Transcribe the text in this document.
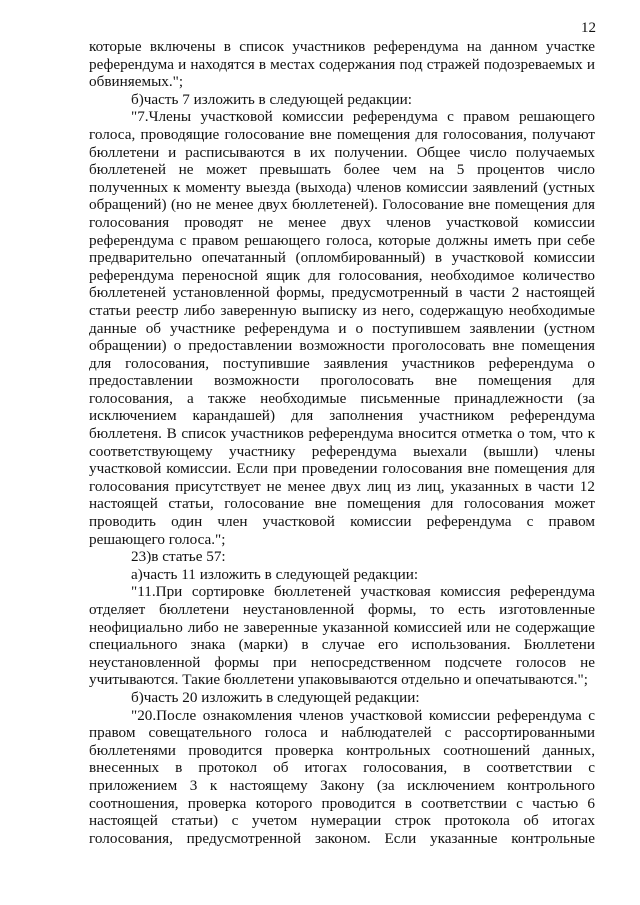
12
которые включены в список участников референдума на данном участке
референдума и находятся в местах содержания под стражей подозреваемых и
обвиняемых.";
б)часть 7 изложить в следующей редакции:
"7.Члены участковой комиссии референдума с правом решающего
голоса, проводящие голосование вне помещения для голосования, получают
бюллетени и расписываются в их получении. Общее число получаемых
бюллетеней не может превышать более чем на 5 процентов число
полученных к моменту выезда (выхода) членов комиссии заявлений (устных
обращений) (но не менее двух бюллетеней). Голосование вне помещения для
голосования проводят не менее двух членов участковой комиссии
референдума с правом решающего голоса, которые должны иметь при себе
предварительно опечатанный (опломбированный) в участковой комиссии
референдума переносной ящик для голосования, необходимое количество
бюллетеней установленной формы, предусмотренный в части 2 настоящей
статьи реестр либо заверенную выписку из него, содержащую необходимые
данные об участнике референдума и о поступившем заявлении (устном
обращении) о предоставлении возможности проголосовать вне помещения
для голосования, поступившие заявления участников референдума о
предоставлении возможности проголосовать вне помещения для
голосования, а также необходимые письменные принадлежности (за
исключением карандашей) для заполнения участником референдума
бюллетеня. В список участников референдума вносится отметка о том, что к
соответствующему участнику референдума выехали (вышли) члены
участковой комиссии. Если при проведении голосования вне помещения для
голосования присутствует не менее двух лиц из лиц, указанных в части 12
настоящей статьи, голосование вне помещения для голосования может
проводить один член участковой комиссии референдума с правом
решающего голоса.";
23)в статье 57:
а)часть 11 изложить в следующей редакции:
"11.При сортировке бюллетеней участковая комиссия референдума
отделяет бюллетени неустановленной формы, то есть изготовленные
неофициально либо не заверенные указанной комиссией или не содержащие
специального знака (марки) в случае его использования. Бюллетени
неустановленной формы при непосредственном подсчете голосов не
учитываются. Такие бюллетени упаковываются отдельно и опечатываются.";
б)часть 20 изложить в следующей редакции:
"20.После ознакомления членов участковой комиссии референдума с
правом совещательного голоса и наблюдателей с рассортированными
бюллетенями проводится проверка контрольных соотношений данных,
внесенных в протокол об итогах голосования, в соответствии с
приложением 3 к настоящему Закону (за исключением контрольного
соотношения, проверка которого проводится в соответствии с частью 6
настоящей статьи) с учетом нумерации строк протокола об итогах
голосования, предусмотренной законом. Если указанные контрольные
